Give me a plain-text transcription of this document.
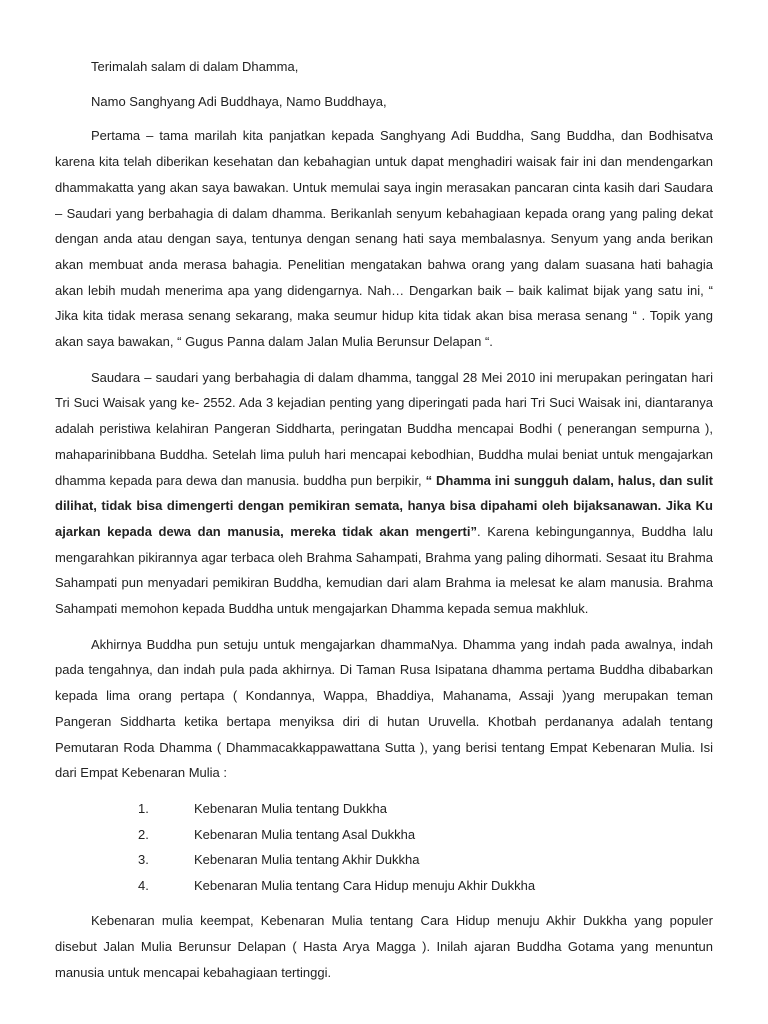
Terimalah salam di dalam Dhamma,

Namo Sanghyang Adi Buddhaya, Namo Buddhaya,

Pertama – tama marilah kita panjatkan kepada Sanghyang Adi Buddha, Sang Buddha, dan Bodhisatva karena kita telah diberikan kesehatan dan kebahagian untuk dapat menghadiri waisak fair ini dan mendengarkan dhammakatta yang akan saya bawakan. Untuk memulai saya ingin merasakan pancaran cinta kasih dari Saudara – Saudari yang berbahagia di dalam dhamma. Berikanlah senyum kebahagiaan kepada orang yang paling dekat dengan anda atau dengan saya, tentunya dengan senang hati saya membalasnya. Senyum yang anda berikan akan membuat anda merasa bahagia. Penelitian mengatakan bahwa orang yang dalam suasana hati bahagia akan lebih mudah menerima apa yang didengarnya. Nah… Dengarkan baik – baik kalimat bijak yang satu ini, “ Jika kita tidak merasa senang sekarang, maka seumur hidup kita tidak akan bisa merasa senang “ . Topik yang akan saya bawakan, “ Gugus Panna dalam Jalan Mulia Berunsur Delapan “.

Saudara – saudari yang berbahagia di dalam dhamma, tanggal 28 Mei 2010 ini merupakan peringatan hari Tri Suci Waisak yang ke- 2552. Ada 3 kejadian penting yang diperingati pada hari Tri Suci Waisak ini, diantaranya adalah peristiwa kelahiran Pangeran Siddharta, peringatan Buddha mencapai Bodhi ( penerangan sempurna ), mahaparinibbana Buddha. Setelah lima puluh hari mencapai kebodhian, Buddha mulai beniat untuk mengajarkan dhamma kepada para dewa dan manusia. buddha pun berpikir, “ Dhamma ini sungguh dalam, halus, dan sulit dilihat, tidak bisa dimengerti dengan pemikiran semata, hanya bisa dipahami oleh bijaksanawan. Jika Ku ajarkan kepada dewa dan manusia, mereka tidak akan mengerti”. Karena kebingungannya, Buddha lalu mengarahkan pikirannya agar terbaca oleh Brahma Sahampati, Brahma yang paling dihormati. Sesaat itu Brahma Sahampati pun menyadari pemikiran Buddha, kemudian dari alam Brahma ia melesat ke alam manusia. Brahma Sahampati memohon kepada Buddha untuk mengajarkan Dhamma kepada semua makhluk.

Akhirnya Buddha pun setuju untuk mengajarkan dhammaNya. Dhamma yang indah pada awalnya, indah pada tengahnya, dan indah pula pada akhirnya. Di Taman Rusa Isipatana dhamma pertama Buddha dibabarkan kepada lima orang pertapa ( Kondannya, Wappa, Bhaddiya, Mahanama, Assaji )yang merupakan teman Pangeran Siddharta ketika bertapa menyiksa diri di hutan Uruvella. Khotbah perdananya adalah tentang Pemutaran Roda Dhamma ( Dhammacakkappawattana Sutta ), yang berisi tentang Empat Kebenaran Mulia. Isi dari Empat Kebenaran Mulia :

1.	Kebenaran Mulia tentang Dukkha
2.	Kebenaran Mulia tentang Asal Dukkha
3.	Kebenaran Mulia tentang Akhir Dukkha
4.	Kebenaran Mulia tentang Cara Hidup menuju Akhir Dukkha

Kebenaran mulia keempat, Kebenaran Mulia tentang Cara Hidup menuju Akhir Dukkha yang populer disebut Jalan Mulia Berunsur Delapan ( Hasta Arya Magga ). Inilah ajaran Buddha Gotama yang menuntun manusia untuk mencapai kebahagiaan tertinggi.
